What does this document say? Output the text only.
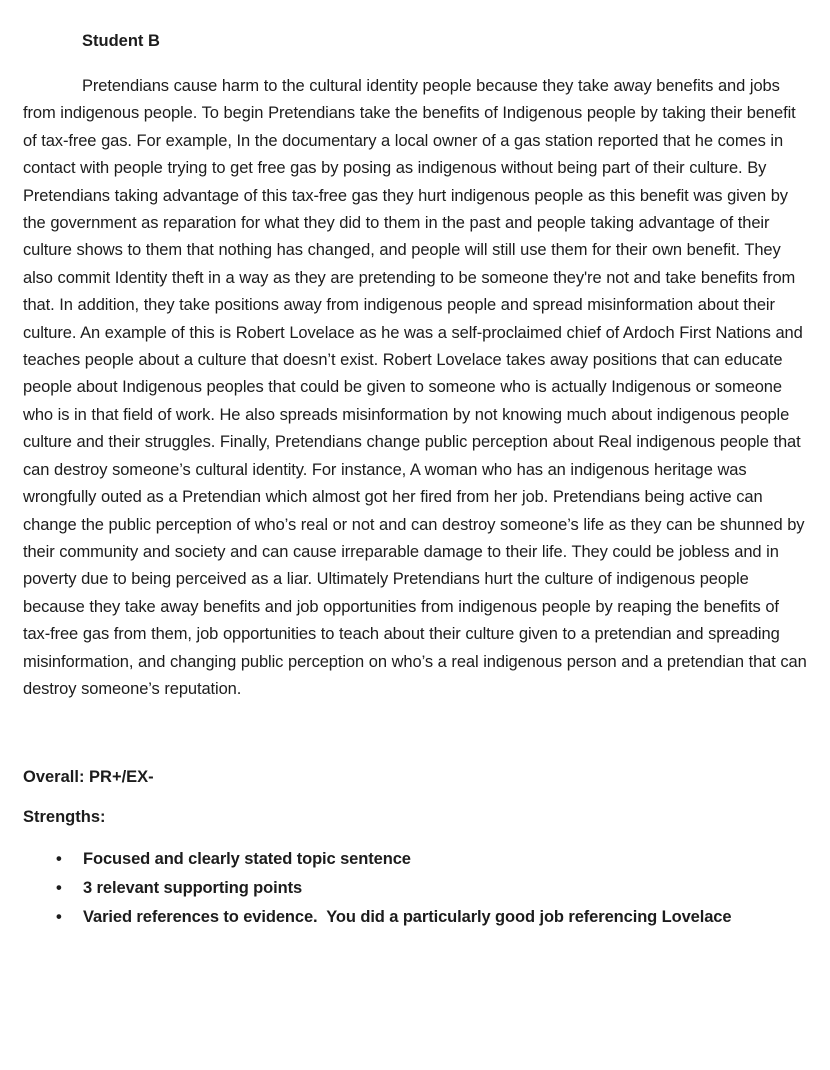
Student B

Pretendians cause harm to the cultural identity people because they take away benefits and jobs from indigenous people. To begin Pretendians take the benefits of Indigenous people by taking their benefit of tax-free gas. For example, In the documentary a local owner of a gas station reported that he comes in contact with people trying to get free gas by posing as indigenous without being part of their culture. By Pretendians taking advantage of this tax-free gas they hurt indigenous people as this benefit was given by the government as reparation for what they did to them in the past and people taking advantage of their culture shows to them that nothing has changed, and people will still use them for their own benefit. They also commit Identity theft in a way as they are pretending to be someone they're not and take benefits from that. In addition, they take positions away from indigenous people and spread misinformation about their culture. An example of this is Robert Lovelace as he was a self-proclaimed chief of Ardoch First Nations and teaches people about a culture that doesn’t exist. Robert Lovelace takes away positions that can educate people about Indigenous peoples that could be given to someone who is actually Indigenous or someone who is in that field of work. He also spreads misinformation by not knowing much about indigenous people culture and their struggles. Finally, Pretendians change public perception about Real indigenous people that can destroy someone’s cultural identity. For instance, A woman who has an indigenous heritage was wrongfully outed as a Pretendian which almost got her fired from her job. Pretendians being active can change the public perception of who’s real or not and can destroy someone’s life as they can be shunned by their community and society and can cause irreparable damage to their life. They could be jobless and in poverty due to being perceived as a liar. Ultimately Pretendians hurt the culture of indigenous people because they take away benefits and job opportunities from indigenous people by reaping the benefits of tax-free gas from them, job opportunities to teach about their culture given to a pretendian and spreading misinformation, and changing public perception on who’s a real indigenous person and a pretendian that can destroy someone’s reputation.

Overall: PR+/EX-
Strengths:
• Focused and clearly stated topic sentence
• 3 relevant supporting points
• Varied references to evidence.  You did a particularly good job referencing Lovelace
